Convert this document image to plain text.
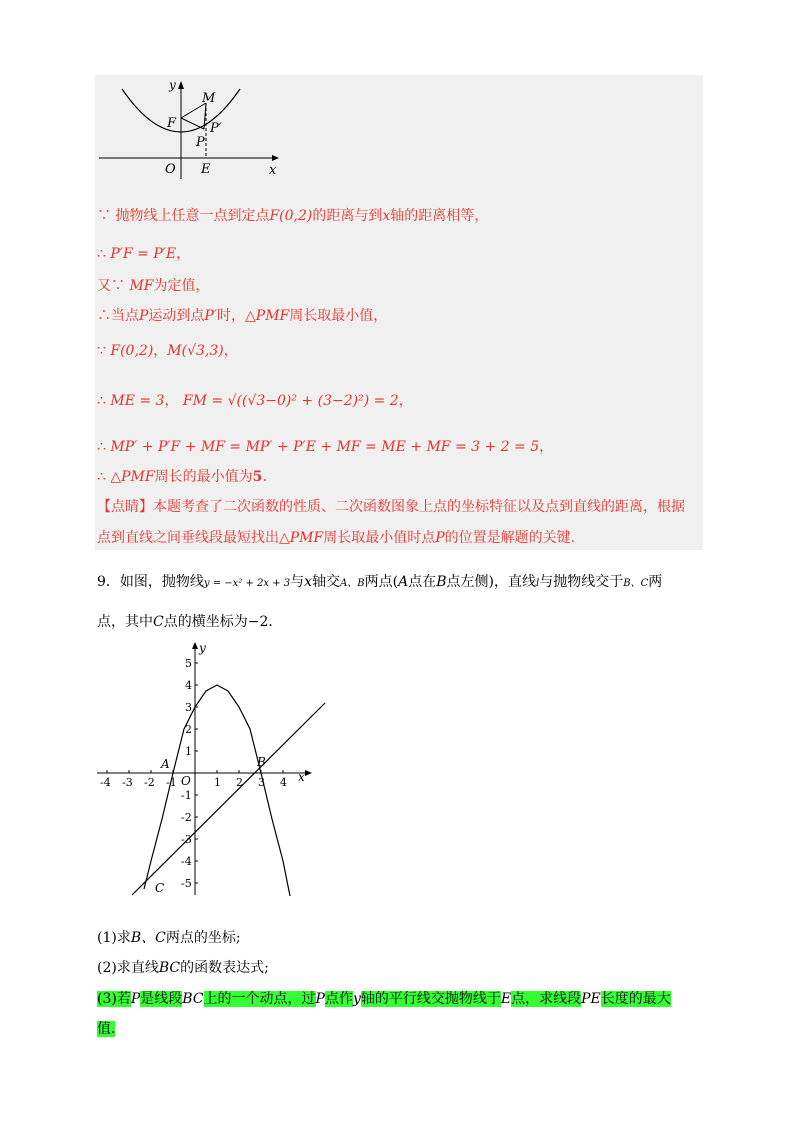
y
M
F	P′
P
O E	x
∵ 抛物线上任意一点到定点F(0,2)的距离与到x轴的距离相等，
∴ P′F = P′E，
又∵ MF为定值，
∴当点P运动到点P′时，△PMF周长取最小值，
∵ F(0,2)，M(√3,3)，
∴ ME = 3， FM = √((√3−0)² + (3−2)²) = 2，
∴ MP′ + P′F + MF = MP′ + P′E + MF = ME + MF = 3 + 2 = 5，
∴ △PMF周长的最小值为5.
【点睛】本题考查了二次函数的性质、二次函数图象上点的坐标特征以及点到直线的距离，根据
点到直线之间垂线段最短找出△PMF周长取最小值时点P的位置是解题的关键.
9．如图，抛物线y = −x² + 2x + 3与x轴交A、B两点(A点在B点左侧)，直线l与抛物线交于B、C两
点，其中C点的横坐标为−2．
-4 -3 -2 -1	1 2 3 4
5
4
3
2
1
-1
-2
-3
-4
-5
y
x
O
A	B
C
(1)求B、C两点的坐标;
(2)求直线BC的函数表达式;
(3)若P是线段BC上的一个动点，过P点作y轴的平行线交抛物线于E点，求线段PE长度的最大
值.
